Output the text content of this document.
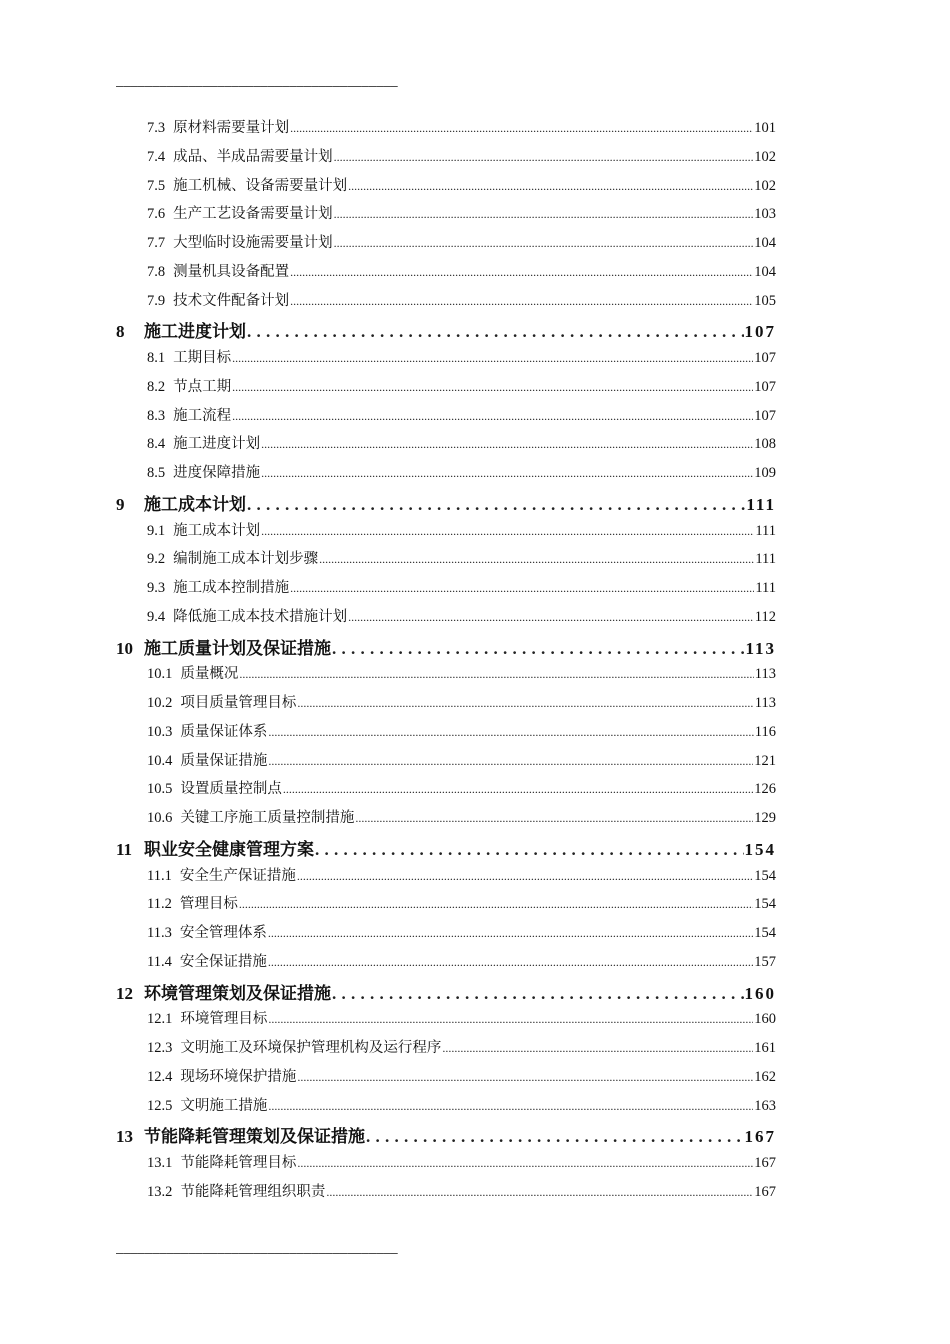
———————————————————————————————————————
7.3 原材料需要量计划 .....	101
7.4 成品、半成品需要量计划 .....	102
7.5 施工机械、设备需要量计划 .....	102
7.6 生产工艺设备需要量计划 .....	103
7.7 大型临时设施需要量计划 .....	104
7.8 测量机具设备配置 .....	104
7.9 技术文件配备计划 .....	105
8 施工进度计划 . . .	107
8.1 工期目标 .....	107
8.2 节点工期 .....	107
8.3 施工流程 .....	107
8.4 施工进度计划 .....	108
8.5 进度保障措施 .....	109
9 施工成本计划 . . .	111
9.1 施工成本计划 .....	111
9.2 编制施工成本计划步骤 .....	111
9.3 施工成本控制措施 .....	111
9.4 降低施工成本技术措施计划 .....	112
10 施工质量计划及保证措施 . . .	113
10.1 质量概况 .....	113
10.2 项目质量管理目标 .....	113
10.3 质量保证体系 .....	116
10.4 质量保证措施 .....	121
10.5 设置质量控制点 .....	126
10.6 关键工序施工质量控制措施 .....	129
11 职业安全健康管理方案 . . .	154
11.1 安全生产保证措施 .....	154
11.2 管理目标 .....	154
11.3 安全管理体系 .....	154
11.4 安全保证措施 .....	157
12 环境管理策划及保证措施 . . .	160
12.1 环境管理目标 .....	160
12.3 文明施工及环境保护管理机构及运行程序 .....	161
12.4 现场环境保护措施 .....	162
12.5 文明施工措施 .....	163
13 节能降耗管理策划及保证措施 . . .	167
13.1 节能降耗管理目标 .....	167
13.2 节能降耗管理组织职责 .....	167
———————————————————————————————————————
